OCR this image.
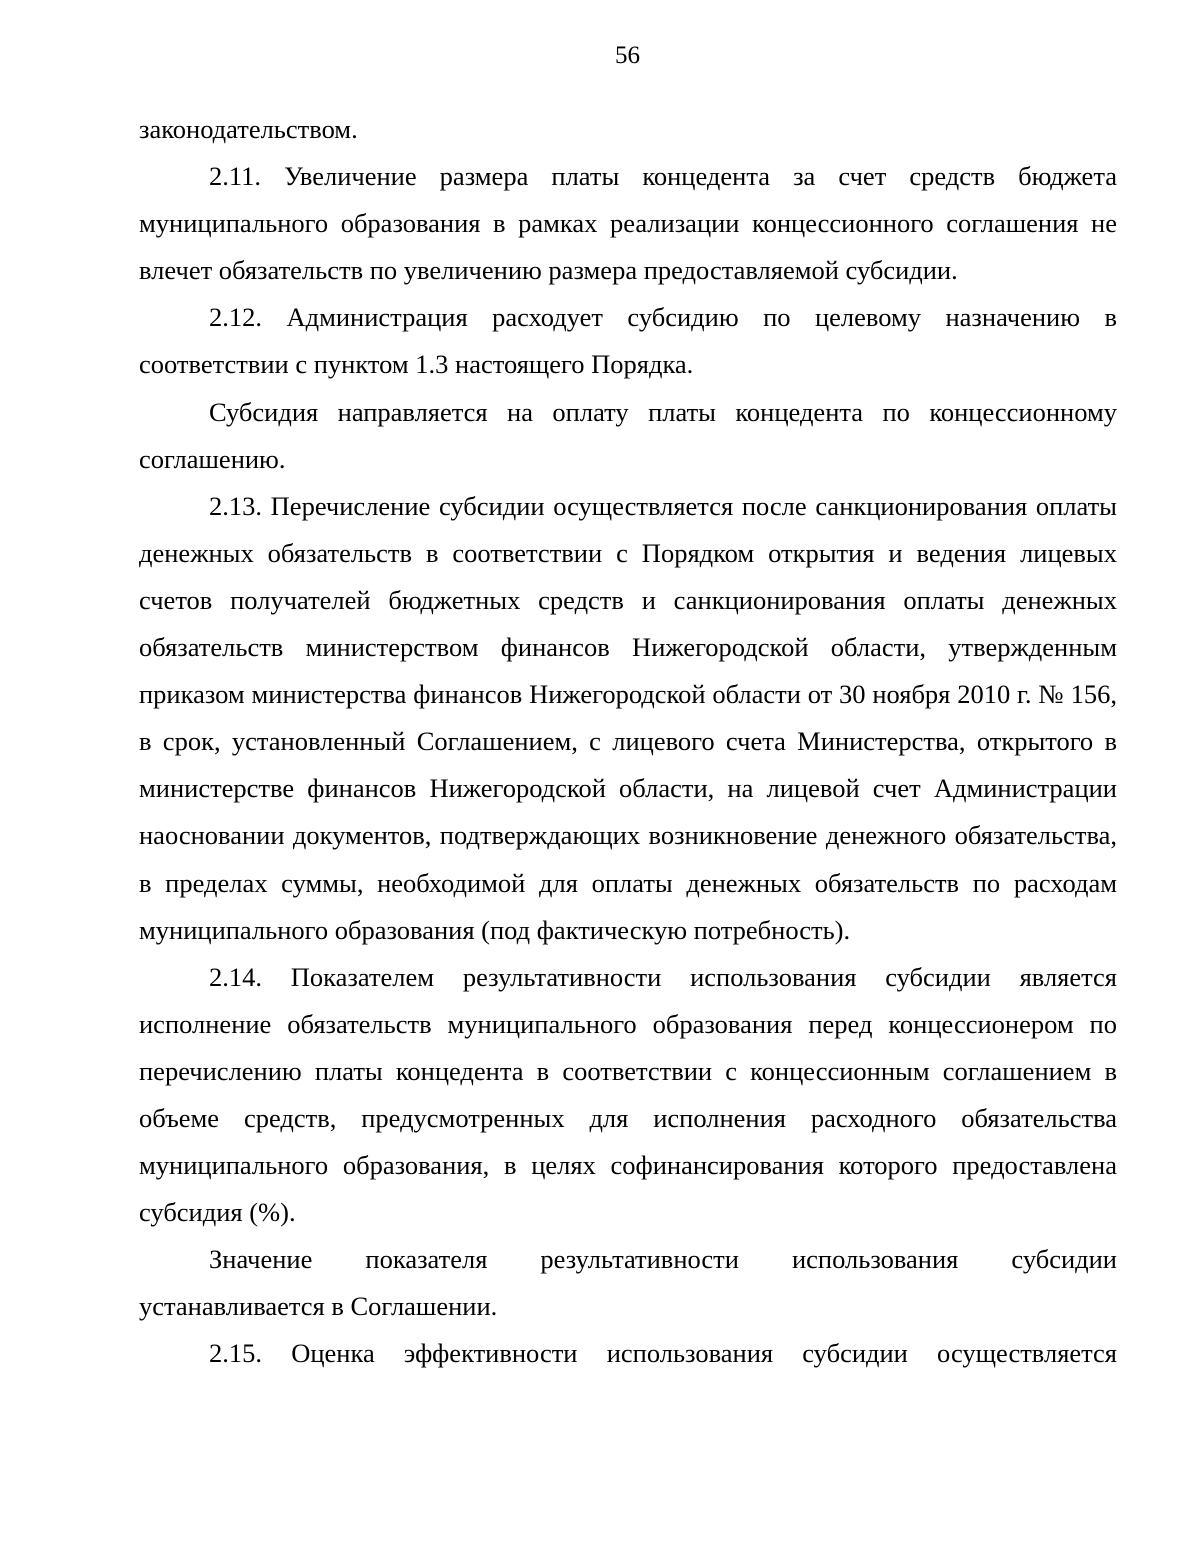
56

законодательством.

2.11. Увеличение размера платы концедента за счет средств бюджета муниципального образования в рамках реализации концессионного соглашения не влечет обязательств по увеличению размера предоставляемой субсидии.

2.12. Администрация расходует субсидию по целевому назначению в соответствии с пунктом 1.3 настоящего Порядка.

Субсидия направляется на оплату платы концедента по концессионному соглашению.

2.13. Перечисление субсидии осуществляется после санкционирования оплаты денежных обязательств в соответствии с Порядком открытия и ведения лицевых счетов получателей бюджетных средств и санкционирования оплаты денежных обязательств министерством финансов Нижегородской области, утвержденным приказом министерства финансов Нижегородской области от 30 ноября 2010 г. № 156, в срок, установленный Соглашением, с лицевого счета Министерства, открытого в министерстве финансов Нижегородской области, на лицевой счет Администрации наосновании документов, подтверждающих возникновение денежного обязательства, в пределах суммы, необходимой для оплаты денежных обязательств по расходам муниципального образования (под фактическую потребность).

2.14. Показателем результативности использования субсидии является исполнение обязательств муниципального образования перед концессионером по перечислению платы концедента в соответствии с концессионным соглашением в объеме средств, предусмотренных для исполнения расходного обязательства муниципального образования, в целях софинансирования которого предоставлена субсидия (%).

Значение показателя результативности использования субсидии устанавливается в Соглашении.

2.15. Оценка эффективности использования субсидии осуществляется
